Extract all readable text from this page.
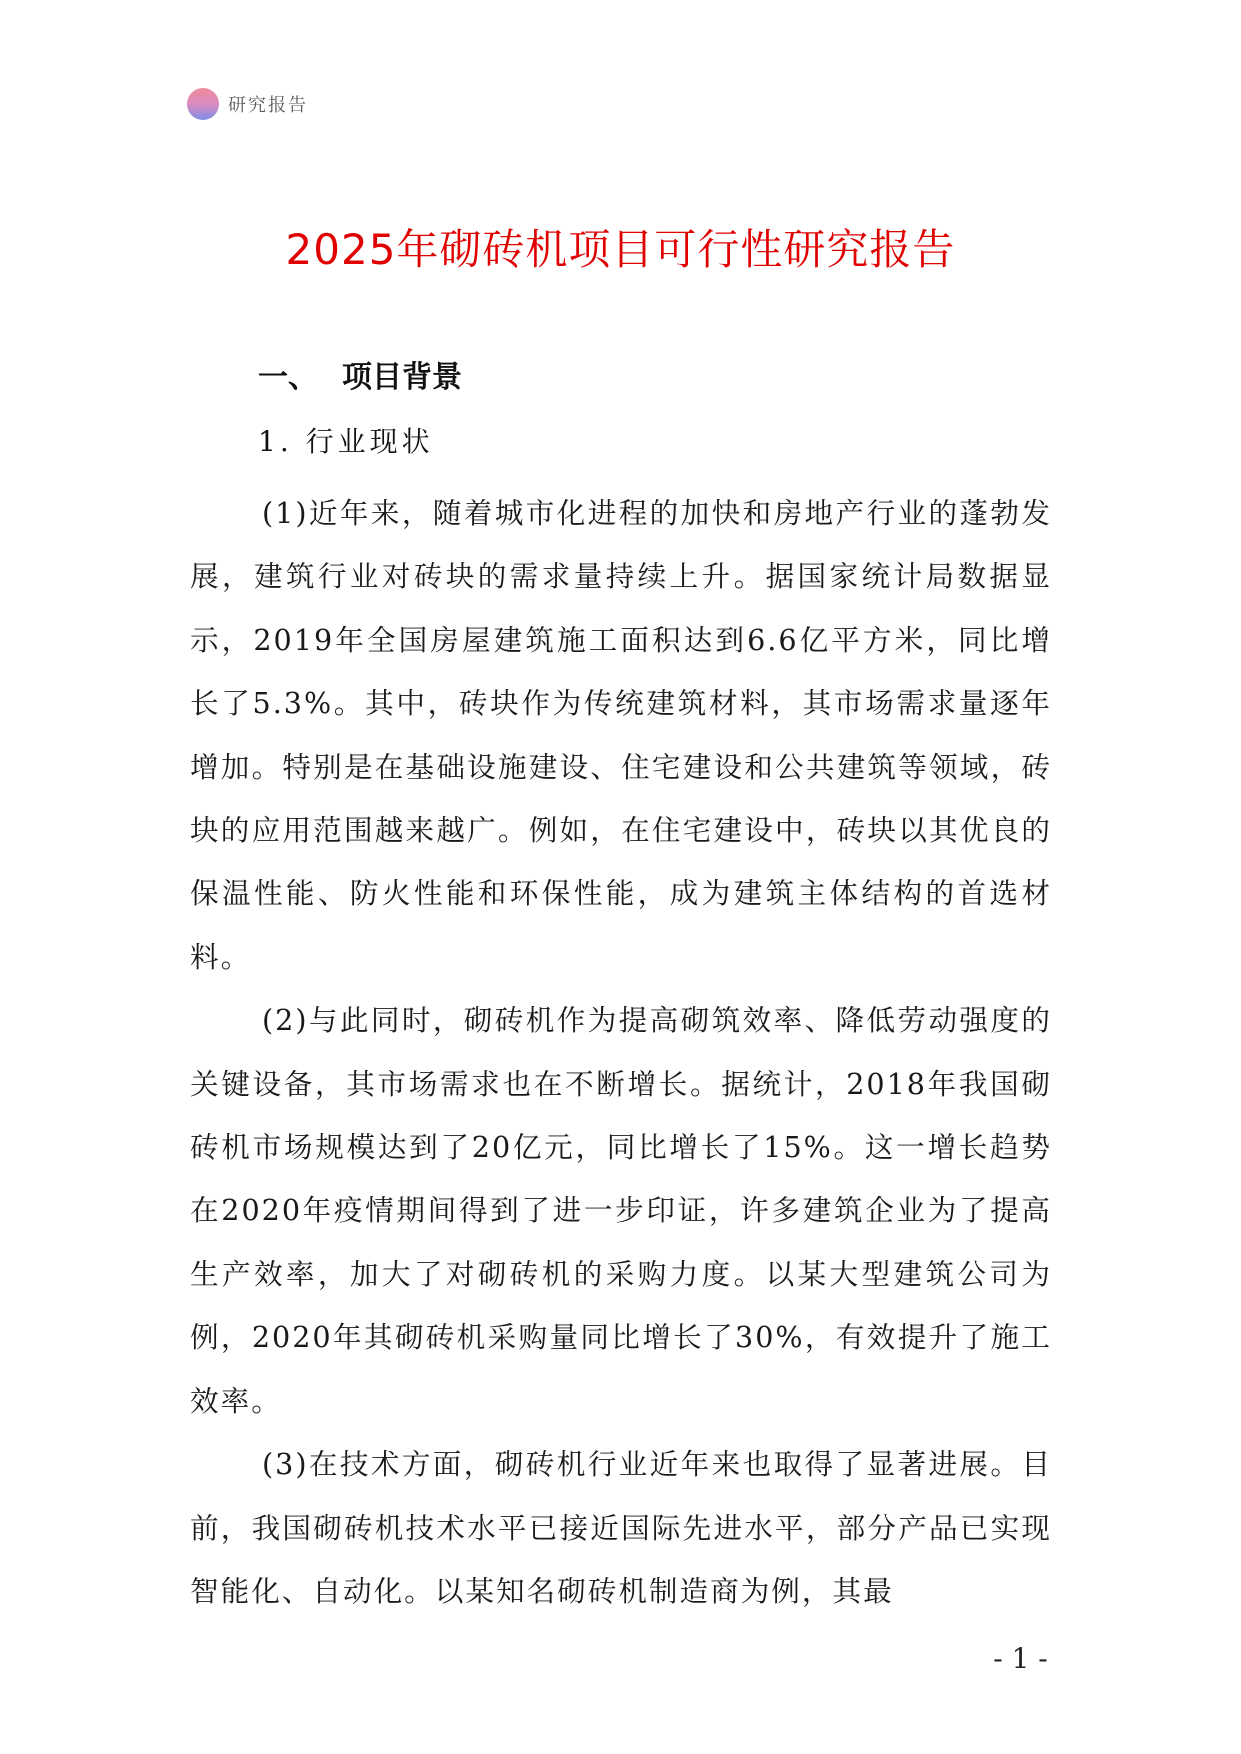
研究报告
2025年砌砖机项目可行性研究报告
一、 项目背景
1. 行业现状

(1)近年来，随着城市化进程的加快和房地产行业的蓬勃发展，建筑行业对砖块的需求量持续上升。据国家统计局数据显示，2019年全国房屋建筑施工面积达到6.6亿平方米，同比增长了5.3%。其中，砖块作为传统建筑材料，其市场需求量逐年增加。特别是在基础设施建设、住宅建设和公共建筑等领域，砖块的应用范围越来越广。例如，在住宅建设中，砖块以其优良的保温性能、防火性能和环保性能，成为建筑主体结构的首选材料。

(2)与此同时，砌砖机作为提高砌筑效率、降低劳动强度的关键设备，其市场需求也在不断增长。据统计，2018年我国砌砖机市场规模达到了20亿元，同比增长了15%。这一增长趋势在2020年疫情期间得到了进一步印证，许多建筑企业为了提高生产效率，加大了对砌砖机的采购力度。以某大型建筑公司为例，2020年其砌砖机采购量同比增长了30%，有效提升了施工效率。

(3)在技术方面，砌砖机行业近年来也取得了显著进展。目前，我国砌砖机技术水平已接近国际先进水平，部分产品已实现智能化、自动化。以某知名砌砖机制造商为例，其最

- 1 -
